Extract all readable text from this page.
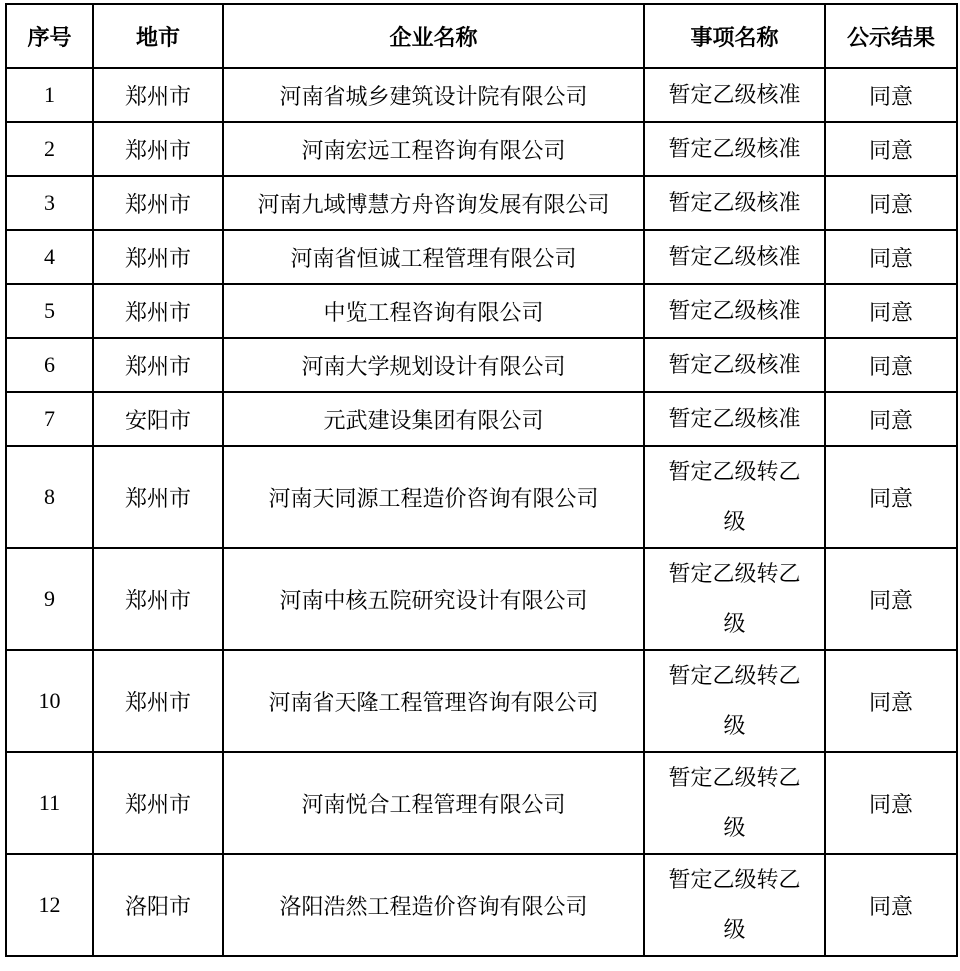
序号	地市	企业名称	事项名称	公示结果
1	郑州市	河南省城乡建筑设计院有限公司	暂定乙级核准	同意
2	郑州市	河南宏远工程咨询有限公司	暂定乙级核准	同意
3	郑州市	河南九域博慧方舟咨询发展有限公司	暂定乙级核准	同意
4	郑州市	河南省恒诚工程管理有限公司	暂定乙级核准	同意
5	郑州市	中览工程咨询有限公司	暂定乙级核准	同意
6	郑州市	河南大学规划设计有限公司	暂定乙级核准	同意
7	安阳市	元武建设集团有限公司	暂定乙级核准	同意
8	郑州市	河南天同源工程造价咨询有限公司	暂定乙级转乙级	同意
9	郑州市	河南中核五院研究设计有限公司	暂定乙级转乙级	同意
10	郑州市	河南省天隆工程管理咨询有限公司	暂定乙级转乙级	同意
11	郑州市	河南悦合工程管理有限公司	暂定乙级转乙级	同意
12	洛阳市	洛阳浩然工程造价咨询有限公司	暂定乙级转乙级	同意
